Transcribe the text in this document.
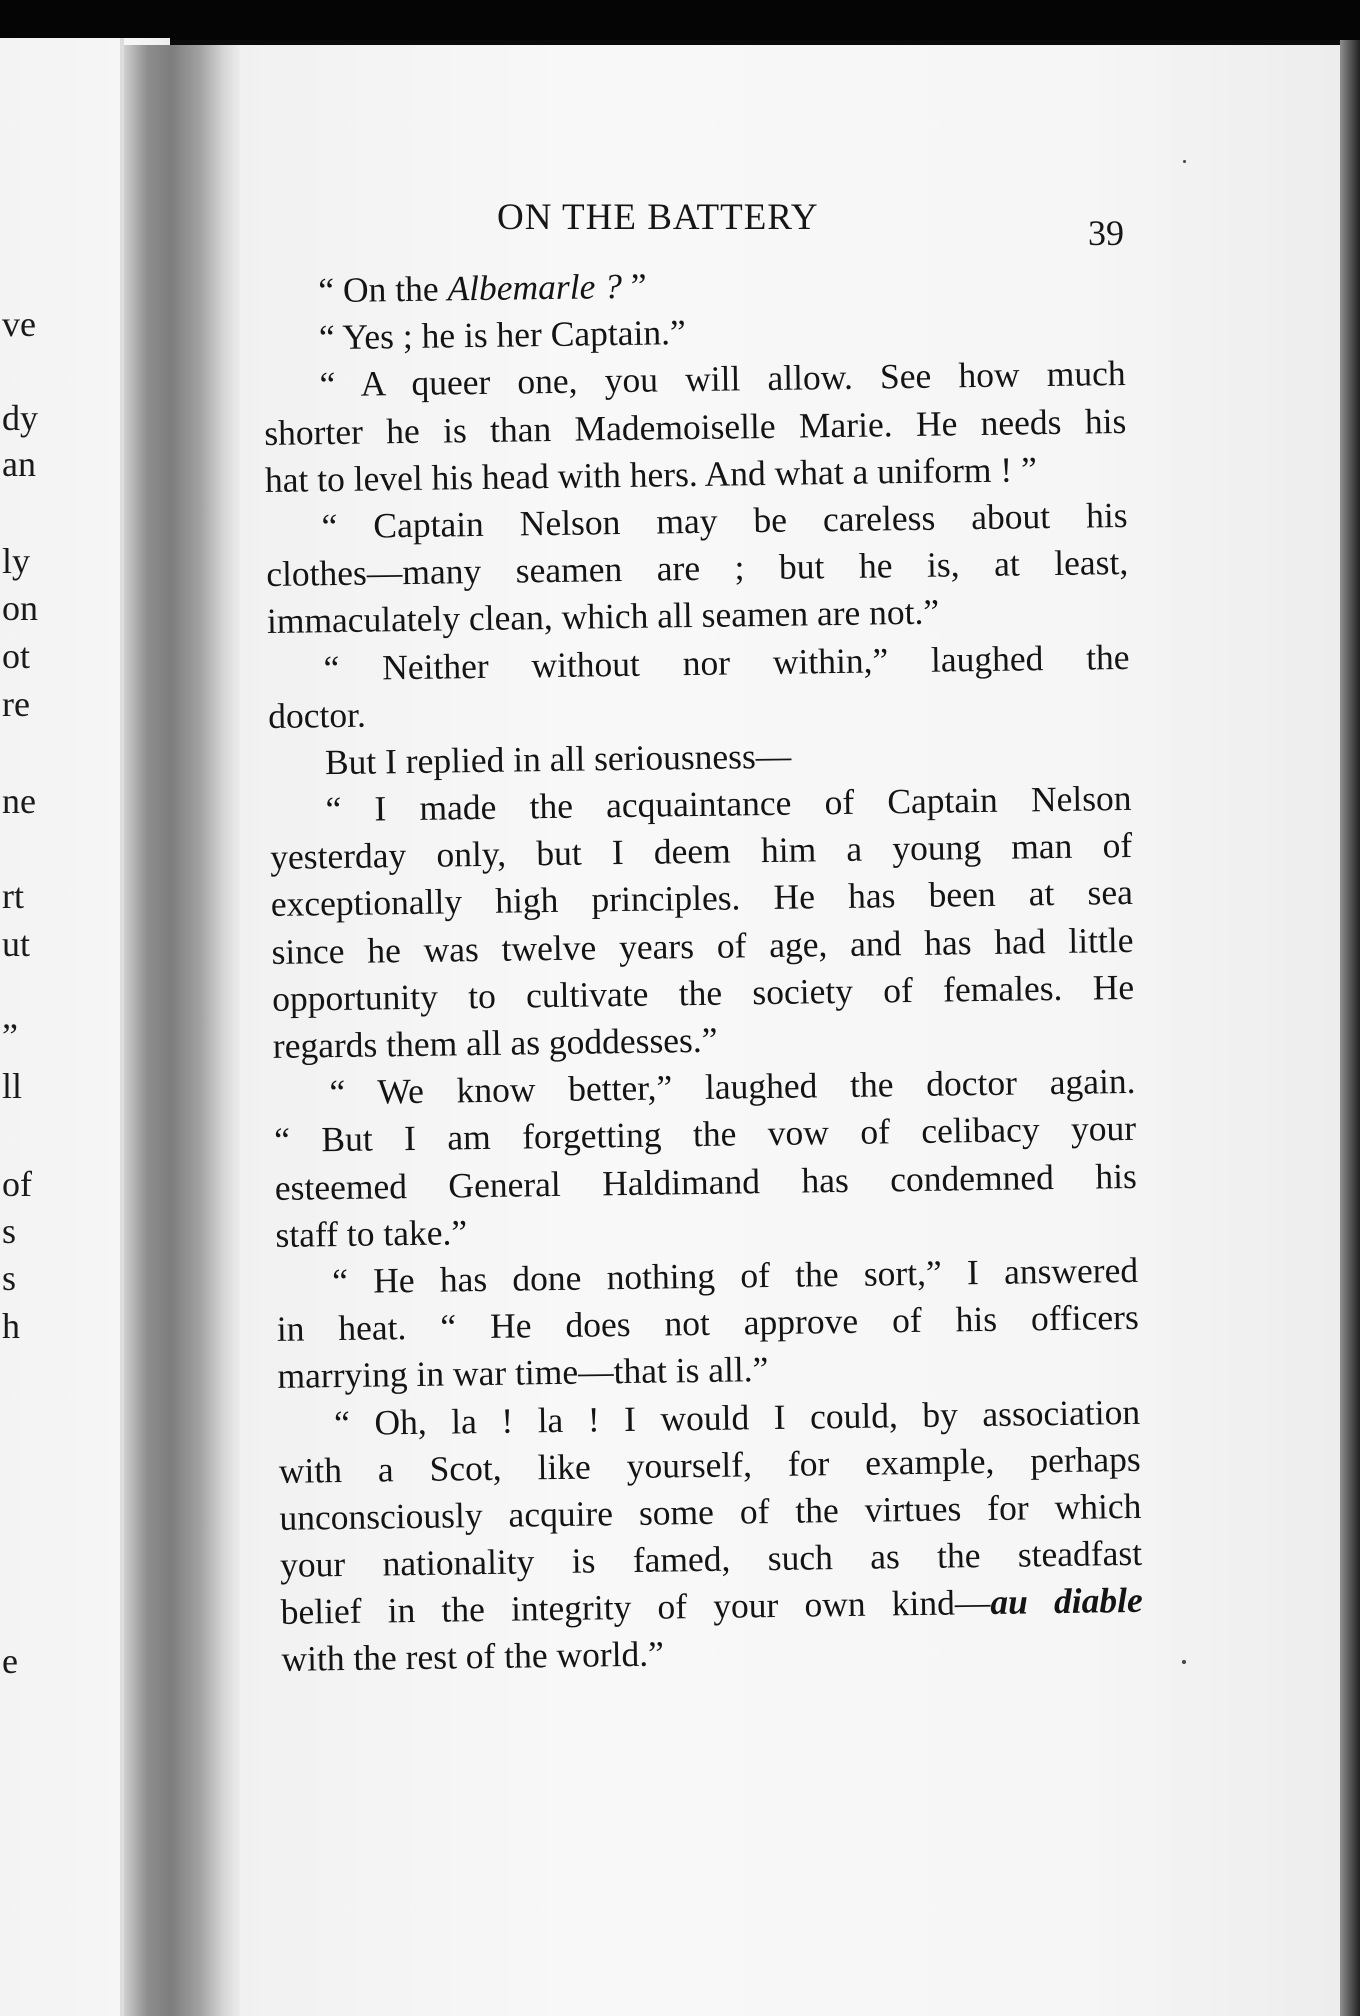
ve
dy
an
ly
on
ot
re
ne
rt
ut
”
ll
of
s
s
h
e
ON THE BATTERY	39
“ On the Albemarle ? ”
“ Yes ; he is her Captain.”
“ A queer one, you will allow. See how much
shorter he is than Mademoiselle Marie. He needs his
hat to level his head with hers. And what a uniform ! ”
“ Captain Nelson may be careless about his
clothes—many seamen are ; but he is, at least,
immaculately clean, which all seamen are not.”
“ Neither without nor within,” laughed the
doctor.
But I replied in all seriousness—
“ I made the acquaintance of Captain Nelson
yesterday only, but I deem him a young man of
exceptionally high principles. He has been at sea
since he was twelve years of age, and has had little
opportunity to cultivate the society of females. He
regards them all as goddesses.”
“ We know better,” laughed the doctor again.
“ But I am forgetting the vow of celibacy your
esteemed General Haldimand has condemned his
staff to take.”
“ He has done nothing of the sort,” I answered
in heat. “ He does not approve of his officers
marrying in war time—that is all.”
“ Oh, la ! la ! I would I could, by association
with a Scot, like yourself, for example, perhaps
unconsciously acquire some of the virtues for which
your nationality is famed, such as the steadfast
belief in the integrity of your own kind—au diable
with the rest of the world.”
